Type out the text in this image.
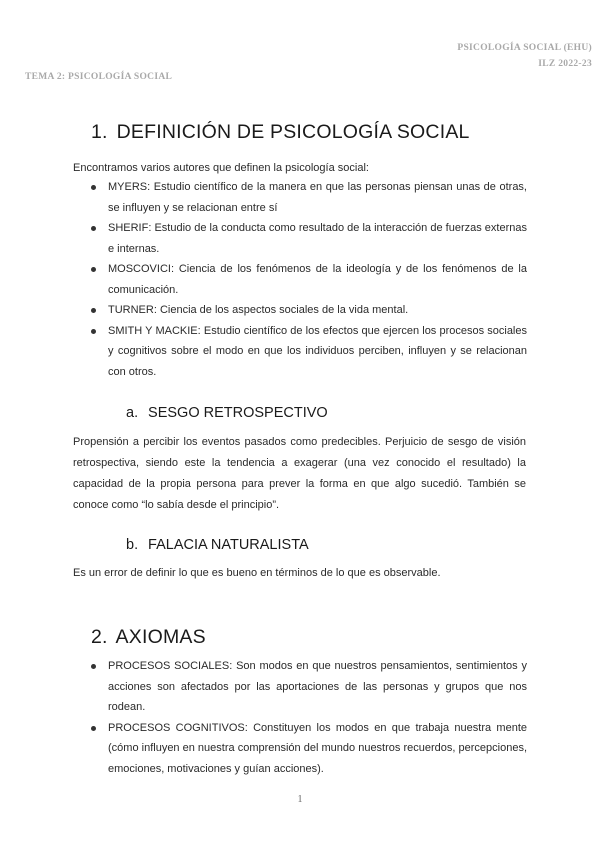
PSICOLOGÍA SOCIAL (EHU)
ILZ 2022-23
TEMA 2: PSICOLOGÍA SOCIAL
1. DEFINICIÓN DE PSICOLOGÍA SOCIAL
Encontramos varios autores que definen la psicología social:
MYERS: Estudio científico de la manera en que las personas piensan unas de otras, se influyen y se relacionan entre sí
SHERIF: Estudio de la conducta como resultado de la interacción de fuerzas externas e internas.
MOSCOVICI: Ciencia de los fenómenos de la ideología y de los fenómenos de la comunicación.
TURNER: Ciencia de los aspectos sociales de la vida mental.
SMITH Y MACKIE: Estudio científico de los efectos que ejercen los procesos sociales y cognitivos sobre el modo en que los individuos perciben, influyen y se relacionan con otros.
a. SESGO RETROSPECTIVO
Propensión a percibir los eventos pasados como predecibles. Perjuicio de sesgo de visión retrospectiva, siendo este la tendencia a exagerar (una vez conocido el resultado) la capacidad de la propia persona para prever la forma en que algo sucedió. También se conoce como “lo sabía desde el principio”.
b. FALACIA NATURALISTA
Es un error de definir lo que es bueno en términos de lo que es observable.
2. AXIOMAS
PROCESOS SOCIALES: Son modos en que nuestros pensamientos, sentimientos y acciones son afectados por las aportaciones de las personas y grupos que nos rodean.
PROCESOS COGNITIVOS: Constituyen los modos en que trabaja nuestra mente (cómo influyen en nuestra comprensión del mundo nuestros recuerdos, percepciones, emociones, motivaciones y guían acciones).
1
